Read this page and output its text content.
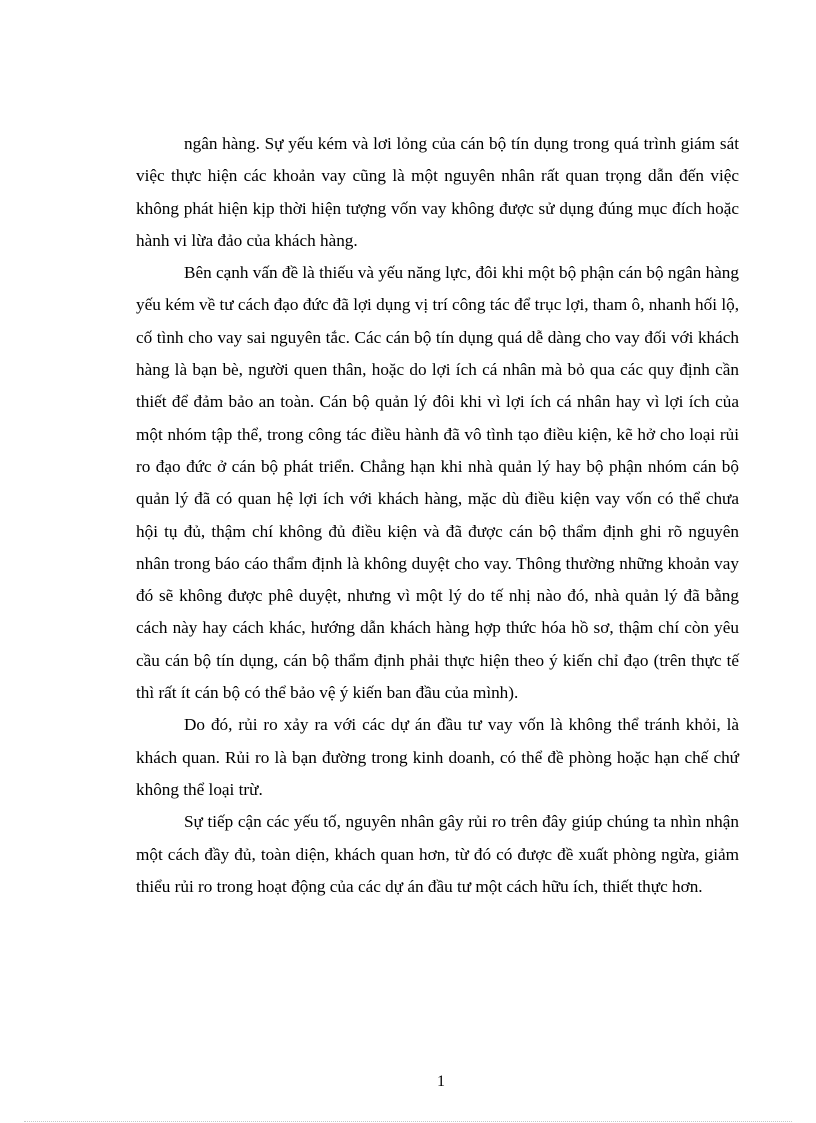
ngân hàng. Sự yếu kém và lơi lỏng của cán bộ tín dụng trong quá trình giám sát việc thực hiện các khoản vay cũng là một nguyên nhân rất quan trọng dẫn đến việc không phát hiện kịp thời hiện tượng vốn vay không được sử dụng đúng mục đích hoặc hành vi lừa đảo của khách hàng.

Bên cạnh vấn đề là thiếu và yếu năng lực, đôi khi một bộ phận cán bộ ngân hàng yếu kém về tư cách đạo đức đã lợi dụng vị trí công tác để trục lợi, tham ô, nhanh hối lộ, cố tình cho vay sai nguyên tắc. Các cán bộ tín dụng quá dễ dàng cho vay đối với khách hàng là bạn bè, người quen thân, hoặc do lợi ích cá nhân mà bỏ qua các quy định cần thiết để đảm bảo an toàn. Cán bộ quản lý đôi khi vì lợi ích cá nhân hay vì lợi ích của một nhóm tập thể, trong công tác điều hành đã vô tình tạo điều kiện, kẽ hở cho loại rủi ro đạo đức ở cán bộ phát triển. Chẳng hạn khi nhà quản lý hay bộ phận nhóm cán bộ quản lý đã có quan hệ lợi ích với khách hàng, mặc dù điều kiện vay vốn có thể chưa hội tụ đủ, thậm chí không đủ điều kiện và đã được cán bộ thẩm định ghi rõ nguyên nhân trong báo cáo thẩm định là không duyệt cho vay. Thông thường những khoản vay đó sẽ không được phê duyệt, nhưng vì một lý do tế nhị nào đó, nhà quản lý đã bằng cách này hay cách khác, hướng dẫn khách hàng hợp thức hóa hồ sơ, thậm chí còn yêu cầu cán bộ tín dụng, cán bộ thẩm định phải thực hiện theo ý kiến chỉ đạo (trên thực tế thì rất ít cán bộ có thể bảo vệ ý kiến ban đầu của mình).

Do đó, rủi ro xảy ra với các dự án đầu tư vay vốn là không thể tránh khỏi, là khách quan. Rủi ro là bạn đường trong kinh doanh, có thể đề phòng hoặc hạn chế chứ không thể loại trừ.

Sự tiếp cận các yếu tố, nguyên nhân gây rủi ro trên đây giúp chúng ta nhìn nhận một cách đầy đủ, toàn diện, khách quan hơn, từ đó có được đề xuất phòng ngừa, giảm thiểu rủi ro trong hoạt động của các dự án đầu tư một cách hữu ích, thiết thực hơn.

1
